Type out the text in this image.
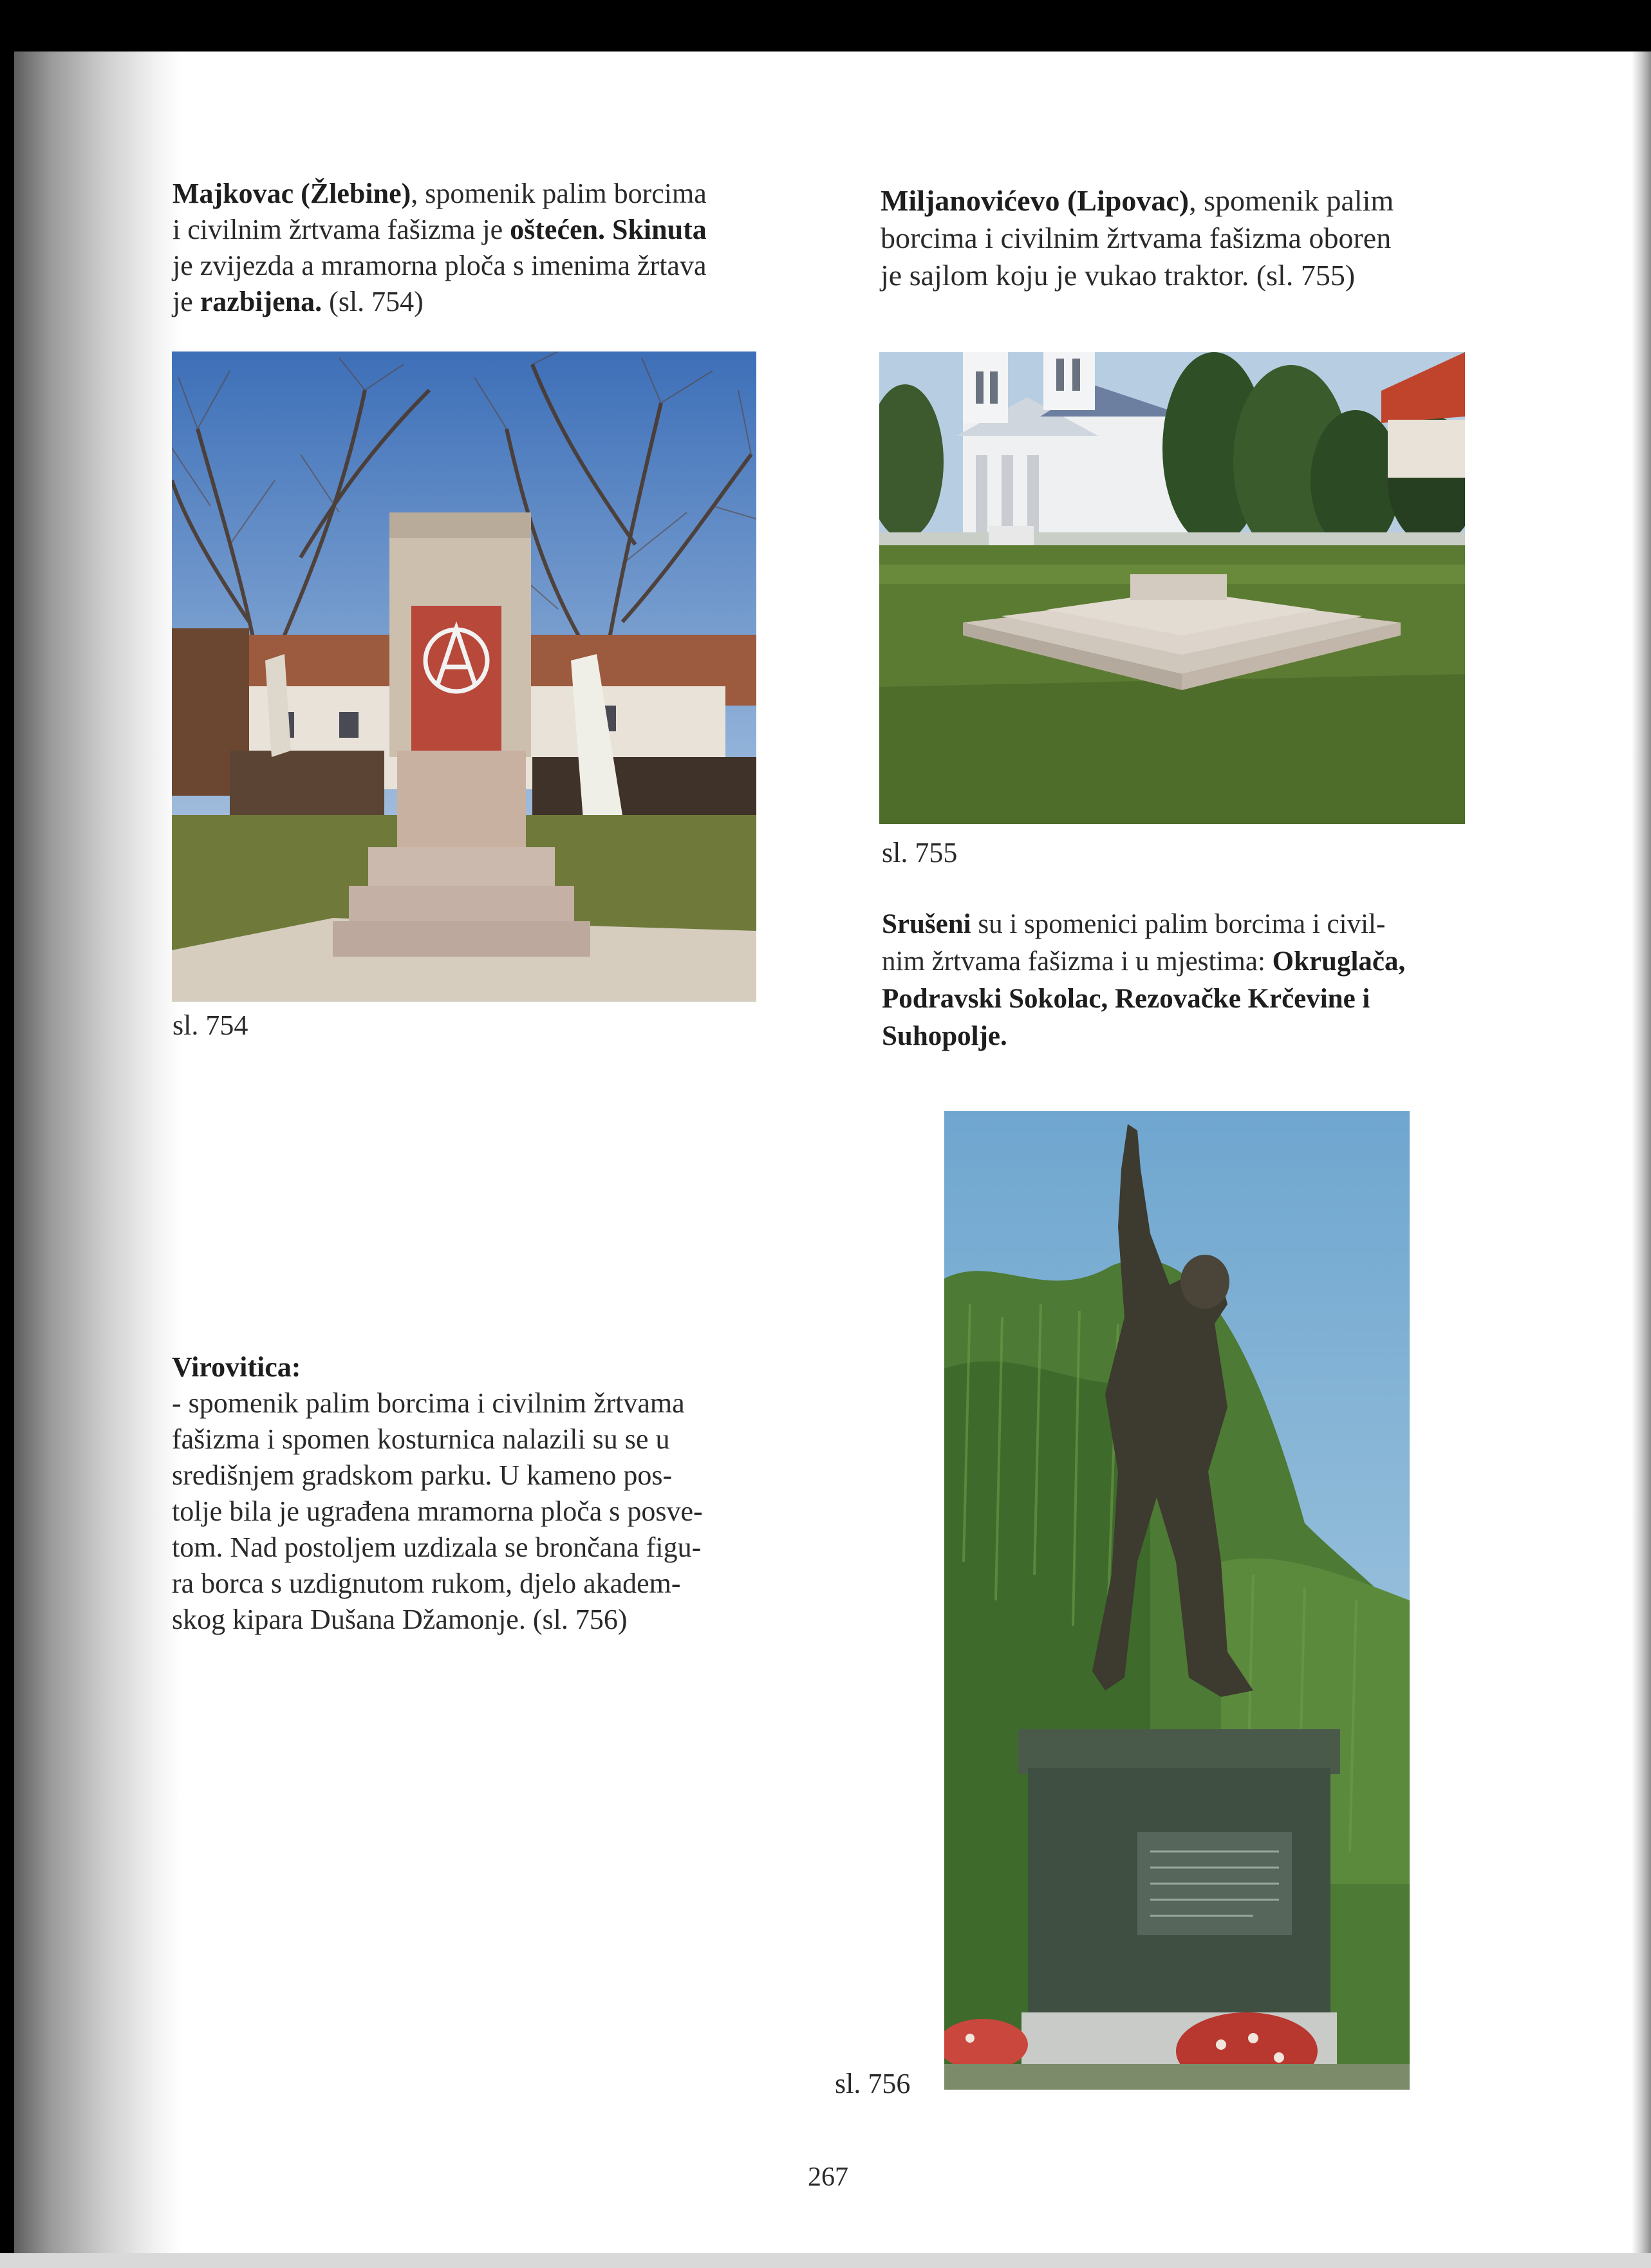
Majkovac (Žlebine), spomenik palim borcima
i civilnim žrtvama fašizma je oštećen. Skinuta
je zvijezda a mramorna ploča s imenima žrtava
je razbijena. (sl. 754)
Miljanovićevo (Lipovac), spomenik palim
borcima i civilnim žrtvama fašizma oboren
je sajlom koju je vukao traktor. (sl. 755)
sl. 754
sl. 755
Srušeni su i spomenici palim borcima i civil-
nim žrtvama fašizma i u mjestima: Okruglača,
Podravski Sokolac, Rezovačke Krčevine i
Suhopolje.
Virovitica:
- spomenik palim borcima i civilnim žrtvama
fašizma i spomen kosturnica nalazili su se u
središnjem gradskom parku. U kameno pos-
tolje bila je ugrađena mramorna ploča s posve-
tom. Nad postoljem uzdizala se brončana figu-
ra borca s uzdignutom rukom, djelo akadem-
skog kipara Dušana Džamonje. (sl. 756)
sl. 756
267
